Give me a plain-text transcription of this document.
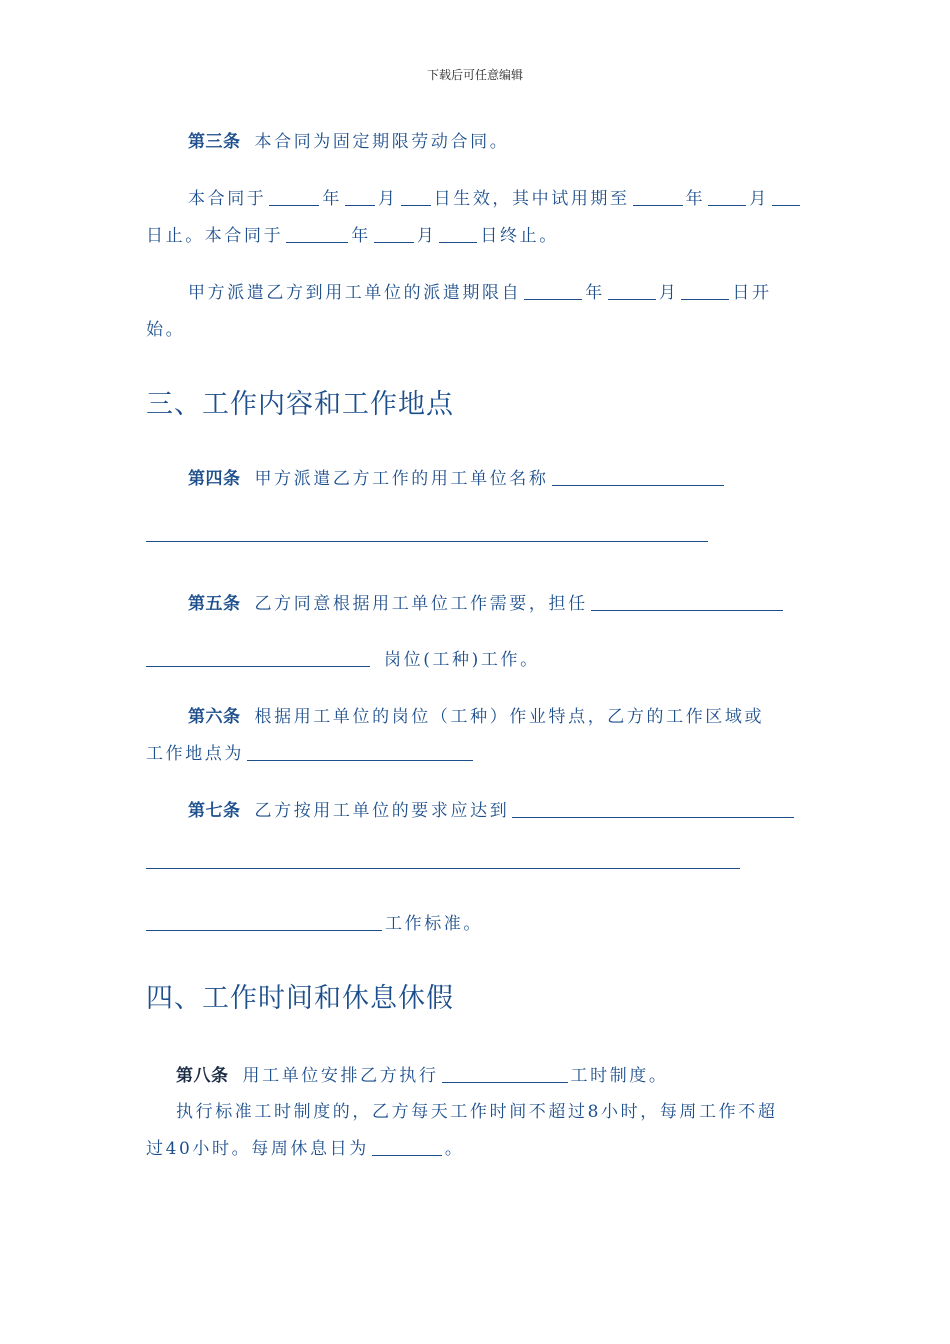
下载后可任意编辑
第三条 本合同为固定期限劳动合同。
本合同于	年 月 日生效，其中试用期至	年	月
日止。本合同于	年	月	日终止。
甲方派遣乙方到用工单位的派遣期限自	年	月	日开
始。
三、工作内容和工作地点
第四条 甲方派遣乙方工作的用工单位名称
第五条 乙方同意根据用工单位工作需要，担任
岗位(工种)工作。
第六条 根据用工单位的岗位（工种）作业特点，乙方的工作区域或
工作地点为
第七条 乙方按用工单位的要求应达到
工作标准。
四、工作时间和休息休假
第八条 用工单位安排乙方执行	工时制度。
执行标准工时制度的，乙方每天工作时间不超过8小时，每周工作不超
过40小时。每周休息日为	。
